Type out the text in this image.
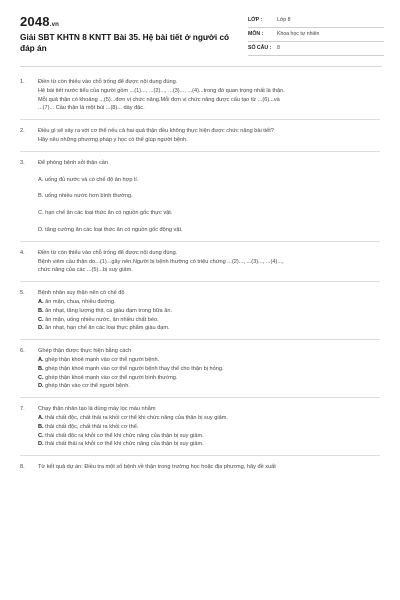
2048.vn
Giải SBT KHTN 8 KNTT Bài 35. Hệ bài tiết ở người có đáp án
LỚP :	Lớp 8
MÔN :	Khoa học tự nhiên
SỐ CÂU : 8
1. Điền từ còn thiếu vào chỗ trống để được nội dung đúng.
Hệ bài tiết nước tiểu của người gồm ...(1)..., ...(2)..., ...(3)..., ...(4)...trong đó quan trọng nhất là thận.
Mỗi quả thận có khoảng ...(5)...đơn vị chức năng.Mỗi đơn vị chức năng được cấu tạo từ ...(6)...và
...(7)... Cầu thận là một búi ...(8)... dày đặc.
2. Điều gì sẽ xảy ra với cơ thể nếu cả hai quả thận đều không thực hiện được chức năng bài tiết?
Hãy nêu những phương pháp y học có thể giúp người bệnh.
3. Để phòng bệnh sỏi thận cần
A. uống đủ nước và có chế độ ăn hợp lí.
B. uống nhiều nước hơn bình thường.
C. hạn chế ăn các loại thức ăn có nguồn gốc thực vật.
D. tăng cường ăn các loại thức ăn có nguồn gốc động vật.
4. Điền từ còn thiếu vào chỗ trống để được nội dung đúng.
Bệnh viêm cầu thận do...(1)...gây nên.Người bị bệnh thường có triệu chứng ...(2)..., ...(3)..., ...(4)...,
chức năng của các ...(5)...bị suy giảm.
5. Bệnh nhân suy thận nên có chế độ
A. ăn mặn, chua, nhiều đường.
B. ăn nhạt, tăng lượng thịt, cá giàu đạm trong bữa ăn.
C. ăn mặn, uống nhiều nước, ăn nhiều chất béo.
D. ăn nhạt, hạn chế ăn các loại thực phẩm giàu đạm.
6. Ghép thận được thực hiện bằng cách
A. ghép thận khoẻ mạnh vào cơ thể người bệnh.
B. ghép thận khoẻ mạnh vào cơ thể người bệnh thay thế cho thận bị hỏng.
C. ghép thận khoẻ mạnh vào cơ thể người bình thường.
D. ghép thận vào cơ thể người bệnh.
7. Chạy thận nhân tạo là dùng máy lọc máu nhằm
A. thải chất độc, chất thải ra khỏi cơ thể khi chức năng của thận bị suy giảm.
B. thải chất độc, chất thải ra khỏi cơ thể.
C. thải chất độc ra khỏi cơ thể khi chức năng của thận bị suy giảm.
D. thải chất thải ra khỏi cơ thể khi chức năng của thận bị suy giảm.
8. Từ kết quả dự án: Điều tra một số bệnh về thận trong trường học hoặc địa phương, hãy đề xuất
